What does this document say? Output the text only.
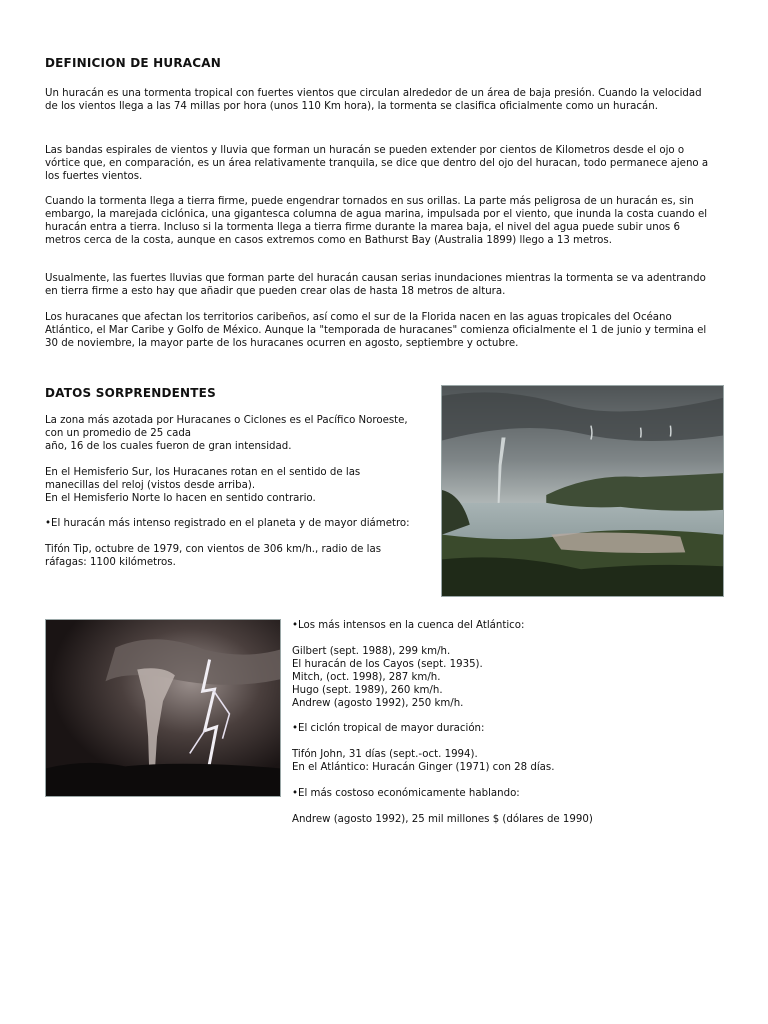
DEFINICION DE HURACAN

Un huracán es una tormenta tropical con fuertes vientos que circulan alrededor de un área de baja presión. Cuando la velocidad de los vientos llega a las 74 millas por hora (unos 110 Km hora), la tormenta se clasifica oficialmente como un huracán.

Las bandas espirales de vientos y lluvia que forman un huracán se pueden extender por cientos de Kilometros desde el ojo o vórtice que, en comparación, es un área relativamente tranquila, se dice que dentro del ojo del huracan, todo permanece ajeno a los fuertes vientos.

Cuando la tormenta llega a tierra firme, puede engendrar tornados en sus orillas. La parte más peligrosa de un huracán es, sin embargo, la marejada ciclónica, una gigantesca columna de agua marina, impulsada por el viento, que inunda la costa cuando el huracán entra a tierra. Incluso si la tormenta llega a tierra firme durante la marea baja, el nivel del agua puede subir unos 6 metros cerca de la costa, aunque en casos extremos como en Bathurst Bay (Australia 1899) llego a 13 metros.

Usualmente, las fuertes lluvias que forman parte del huracán causan serias inundaciones mientras la tormenta se va adentrando en tierra firme a esto hay que añadir que pueden crear olas de hasta 18 metros de altura.

Los huracanes que afectan los territorios caribeños, así como el sur de la Florida nacen en las aguas tropicales del Océano Atlántico, el Mar Caribe y Golfo de México. Aunque la "temporada de huracanes" comienza oficialmente el 1 de junio y termina el 30 de noviembre, la mayor parte de los huracanes ocurren en agosto, septiembre y octubre.

DATOS SORPRENDENTES

La zona más azotada por Huracanes o Ciclones es el Pacífico Noroeste,

con un promedio de 25 cada

año, 16 de los cuales fueron de gran intensidad.

En el Hemisferio Sur, los Huracanes rotan en el sentido de las

manecillas del reloj (vistos desde arriba).

En el Hemisferio Norte lo hacen en sentido contrario.

•El huracán más intenso registrado en el planeta y de mayor diámetro:

Tifón Tip, octubre de 1979, con vientos de 306 km/h., radio de las

ráfagas: 1100 kilómetros.

•Los más intensos en la cuenca del Atlántico:

Gilbert (sept. 1988), 299 km/h.

El huracán de los Cayos (sept. 1935).

Mitch, (oct. 1998), 287 km/h.

Hugo (sept. 1989), 260 km/h.

Andrew (agosto 1992), 250 km/h.

•El ciclón tropical de mayor duración:

Tifón John, 31 días (sept.-oct. 1994).

En el Atlántico: Huracán Ginger (1971) con 28 días.

•El más costoso económicamente hablando:

Andrew (agosto 1992), 25 mil millones $ (dólares de 1990)
